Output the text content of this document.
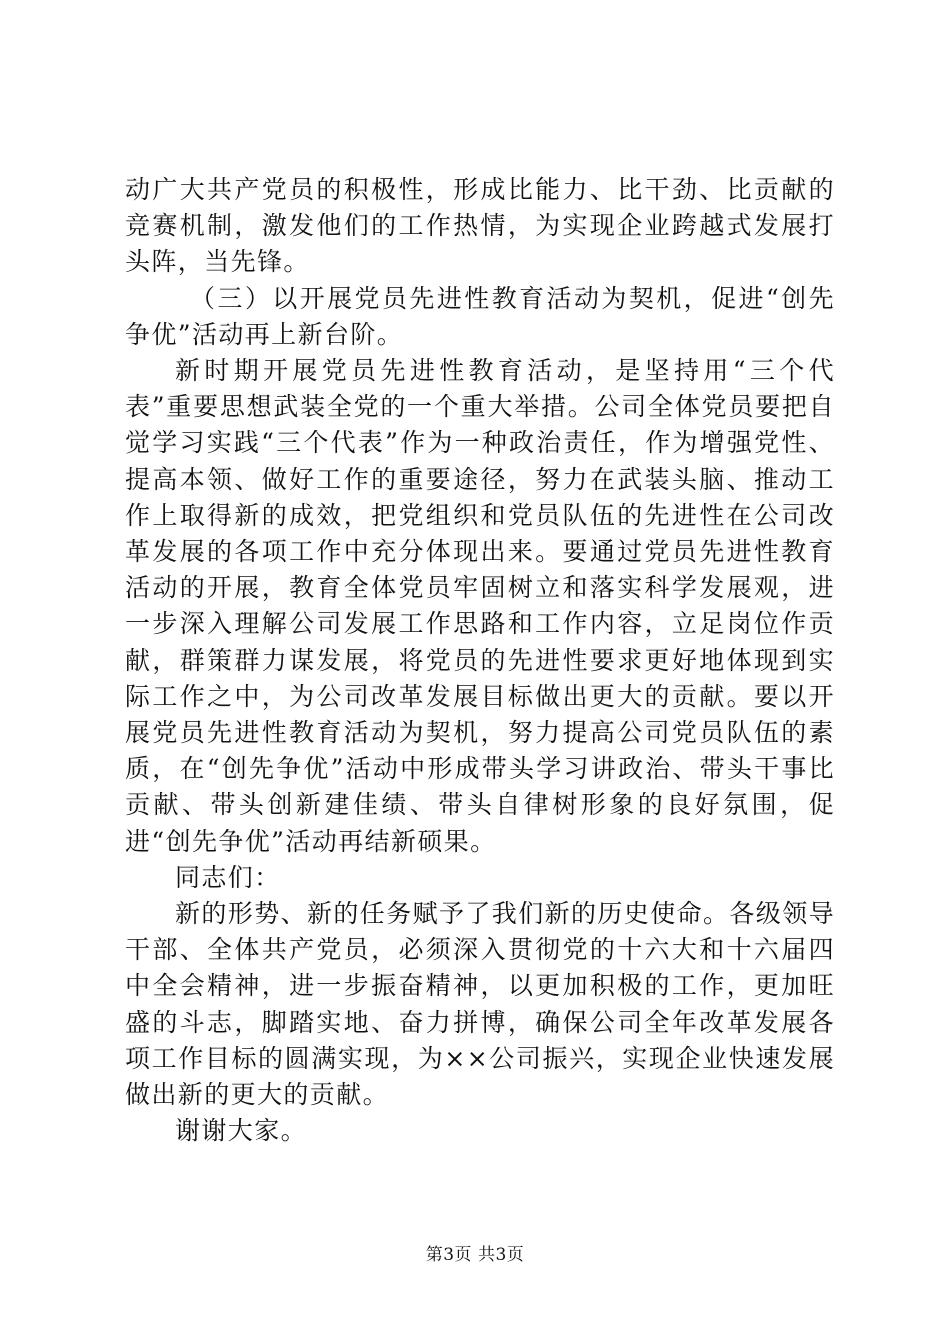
动广大共产党员的积极性，形成比能力、比干劲、比贡献的竞赛机制，激发他们的工作热情，为实现企业跨越式发展打头阵，当先锋。

（三）以开展党员先进性教育活动为契机，促进“创先争优”活动再上新台阶。

新时期开展党员先进性教育活动，是坚持用“三个代表”重要思想武装全党的一个重大举措。公司全体党员要把自觉学习实践“三个代表”作为一种政治责任，作为增强党性、提高本领、做好工作的重要途径，努力在武装头脑、推动工作上取得新的成效，把党组织和党员队伍的先进性在公司改革发展的各项工作中充分体现出来。要通过党员先进性教育活动的开展，教育全体党员牢固树立和落实科学发展观，进一步深入理解公司发展工作思路和工作内容，立足岗位作贡献，群策群力谋发展，将党员的先进性要求更好地体现到实际工作之中，为公司改革发展目标做出更大的贡献。要以开展党员先进性教育活动为契机，努力提高公司党员队伍的素质，在“创先争优”活动中形成带头学习讲政治、带头干事比贡献、带头创新建佳绩、带头自律树形象的良好氛围，促进“创先争优”活动再结新硕果。

同志们：

新的形势、新的任务赋予了我们新的历史使命。各级领导干部、全体共产党员，必须深入贯彻党的十六大和十六届四中全会精神，进一步振奋精神，以更加积极的工作，更加旺盛的斗志，脚踏实地、奋力拼博，确保公司全年改革发展各项工作目标的圆满实现，为××公司振兴，实现企业快速发展做出新的更大的贡献。

谢谢大家。

第3页 共3页
